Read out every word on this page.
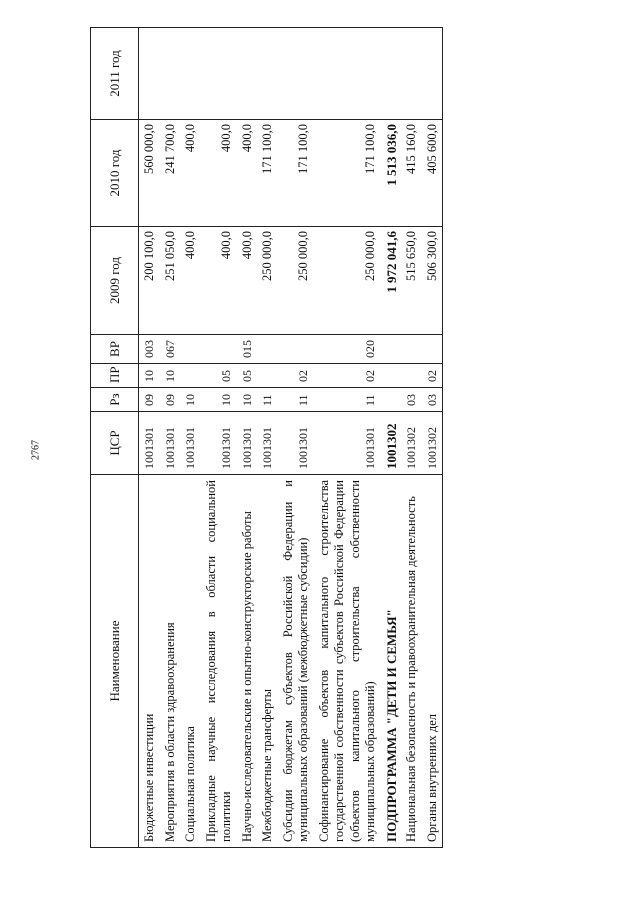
2767
Наименование	ЦСР	Рз	ПР	ВР	2009 год	2010 год	2011 год
Бюджетные инвестиции	1001301	09	10	003	200 100,0	560 000,0	
Мероприятия в области здравоохранения	1001301	09	10	067	251 050,0	241 700,0	
Социальная политика	1001301	10			400,0	400,0	
Прикладные научные исследования в области социальной политики	1001301	10	05		400,0	400,0	
Научно-исследовательские и опытно-конструкторские работы	1001301	10	05	015	400,0	400,0	
Межбюджетные трансферты	1001301	11			250 000,0	171 100,0	
Субсидии бюджетам субъектов Российской Федерации и муниципальных образований (межбюджетные субсидии)	1001301	11	02		250 000,0	171 100,0	
Софинансирование объектов капитального строительства государственной собственности субъектов Российской Федерации (объектов капитального строительства собственности муниципальных образований)	1001301	11	02	020	250 000,0	171 100,0	
ПОДПРОГРАММА "ДЕТИ И СЕМЬЯ"	1001302				1 972 041,6	1 513 036,0	
Национальная безопасность и правоохранительная деятельность	1001302	03			515 650,0	415 160,0	
Органы внутренних дел	1001302	03	02		506 300,0	405 600,0	
